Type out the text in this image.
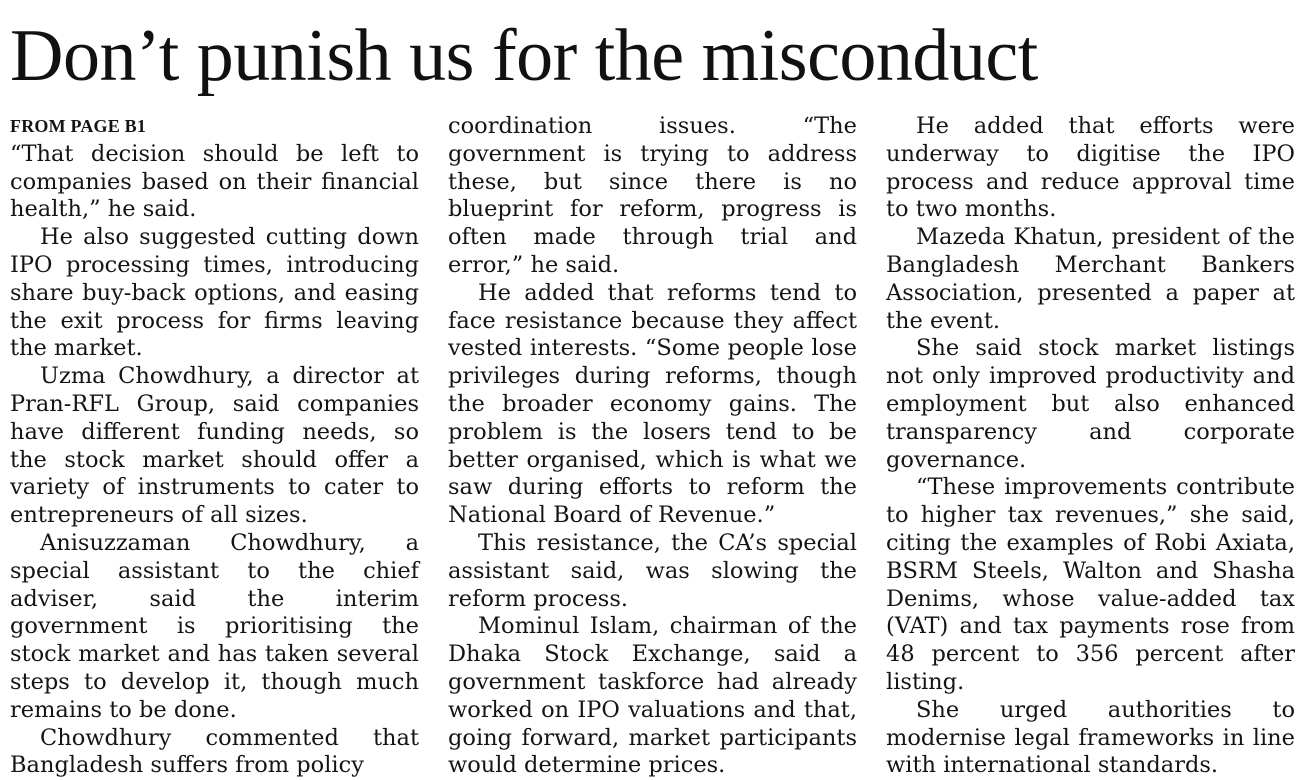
Don’t punish us for the misconduct
FROM PAGE B1

“That decision should be left to companies based on their financial health,” he said.

He also suggested cutting down IPO processing times, introducing share buy-back options, and easing the exit process for firms leaving the market.

Uzma Chowdhury, a director at Pran-RFL Group, said companies have different funding needs, so the stock market should offer a variety of instruments to cater to entrepreneurs of all sizes.

Anisuzzaman Chowdhury, a special assistant to the chief adviser, said the interim government is prioritising the stock market and has taken several steps to develop it, though much remains to be done.

Chowdhury commented that Bangladesh suffers from policy

coordination issues. “The government is trying to address these, but since there is no blueprint for reform, progress is often made through trial and error,” he said.

He added that reforms tend to face resistance because they affect vested interests. “Some people lose privileges during reforms, though the broader economy gains. The problem is the losers tend to be better organised, which is what we saw during efforts to reform the National Board of Revenue.”

This resistance, the CA’s special assistant said, was slowing the reform process.

Mominul Islam, chairman of the Dhaka Stock Exchange, said a government taskforce had already worked on IPO valuations and that, going forward, market participants would determine prices.

He added that efforts were underway to digitise the IPO process and reduce approval time to two months.

Mazeda Khatun, president of the Bangladesh Merchant Bankers Association, presented a paper at the event.

She said stock market listings not only improved productivity and employment but also enhanced transparency and corporate governance.

“These improvements contribute to higher tax revenues,” she said, citing the examples of Robi Axiata, BSRM Steels, Walton and Shasha Denims, whose value-added tax (VAT) and tax payments rose from 48 percent to 356 percent after listing.

She urged authorities to modernise legal frameworks in line with international standards.
